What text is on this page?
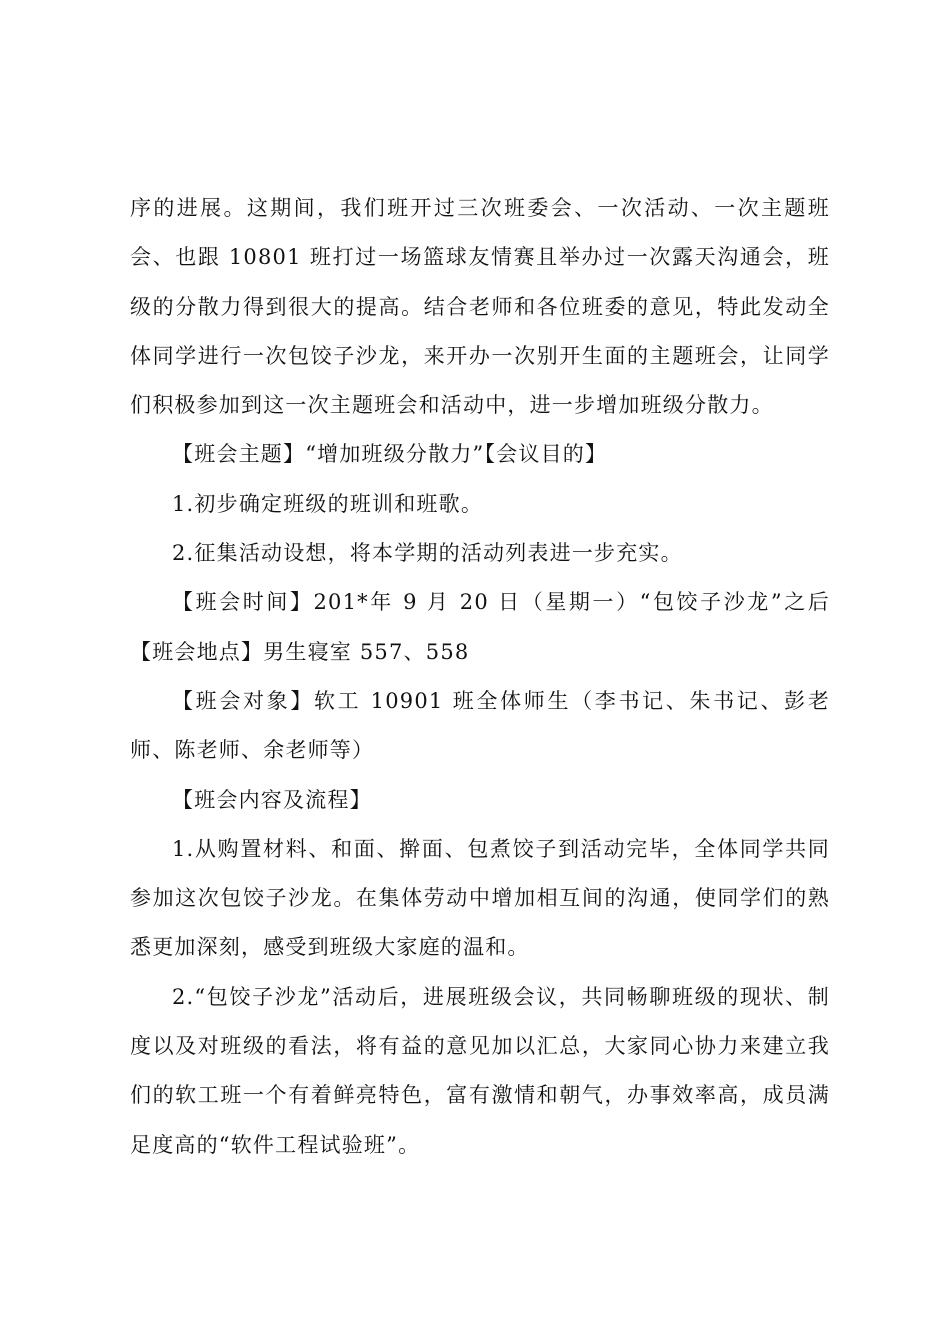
序的进展。这期间，我们班开过三次班委会、一次活动、一次主题班会、也跟 10801 班打过一场篮球友情赛且举办过一次露天沟通会，班级的分散力得到很大的提高。结合老师和各位班委的意见，特此发动全体同学进行一次包饺子沙龙，来开办一次别开生面的主题班会，让同学们积极参加到这一次主题班会和活动中，进一步增加班级分散力。

【班会主题】“增加班级分散力”【会议目的】

1.初步确定班级的班训和班歌。

2.征集活动设想，将本学期的活动列表进一步充实。

【班会时间】201*年 9 月 20 日（星期一）“包饺子沙龙”之后【班会地点】男生寝室 557、558

【班会对象】软工 10901 班全体师生（李书记、朱书记、彭老师、陈老师、余老师等）

【班会内容及流程】

1.从购置材料、和面、擀面、包煮饺子到活动完毕，全体同学共同参加这次包饺子沙龙。在集体劳动中增加相互间的沟通，使同学们的熟悉更加深刻，感受到班级大家庭的温和。

2.“包饺子沙龙”活动后，进展班级会议，共同畅聊班级的现状、制度以及对班级的看法，将有益的意见加以汇总，大家同心协力来建立我们的软工班一个有着鲜亮特色，富有激情和朝气，办事效率高，成员满足度高的“软件工程试验班”。
